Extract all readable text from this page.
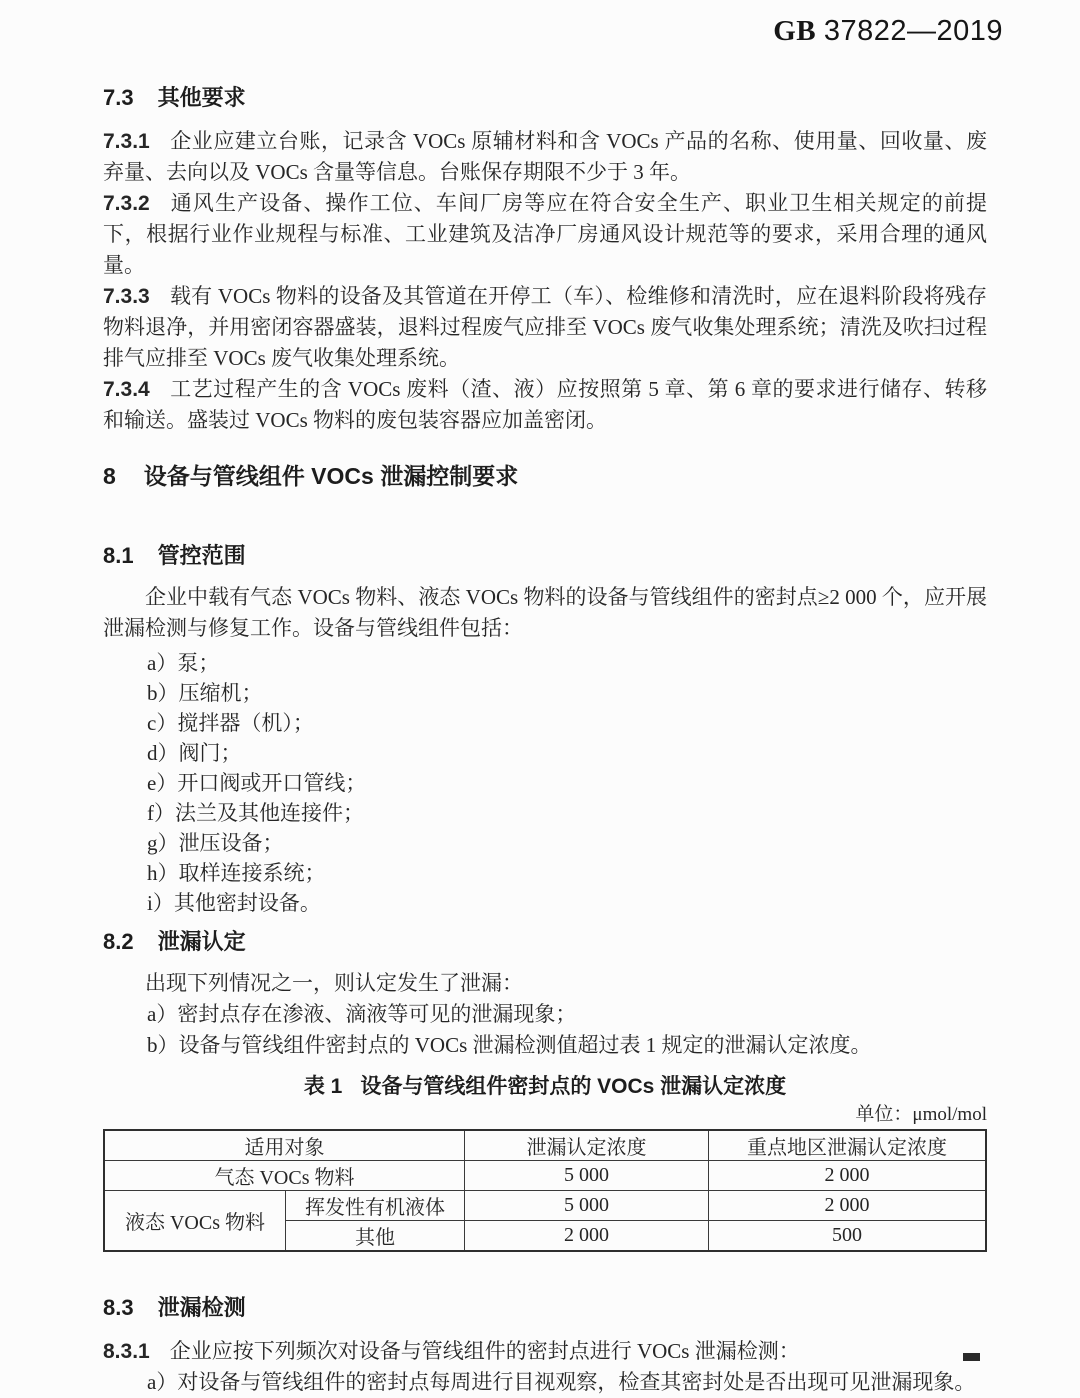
GB 37822—2019
7.3 其他要求

7.3.1 企业应建立台账，记录含 VOCs 原辅材料和含 VOCs 产品的名称、使用量、回收量、废弃量、去向以及 VOCs 含量等信息。台账保存期限不少于 3 年。

7.3.2 通风生产设备、操作工位、车间厂房等应在符合安全生产、职业卫生相关规定的前提下，根据行业作业规程与标准、工业建筑及洁净厂房通风设计规范等的要求，采用合理的通风量。

7.3.3 载有 VOCs 物料的设备及其管道在开停工（车）、检维修和清洗时，应在退料阶段将残存物料退净，并用密闭容器盛装，退料过程废气应排至 VOCs 废气收集处理系统；清洗及吹扫过程排气应排至 VOCs 废气收集处理系统。

7.3.4 工艺过程产生的含 VOCs 废料（渣、液）应按照第 5 章、第 6 章的要求进行储存、转移和输送。盛装过 VOCs 物料的废包装容器应加盖密闭。

8 设备与管线组件 VOCs 泄漏控制要求
8.1 管控范围

企业中载有气态 VOCs 物料、液态 VOCs 物料的设备与管线组件的密封点≥2 000 个，应开展泄漏检测与修复工作。设备与管线组件包括：

a）泵；
b）压缩机；
c）搅拌器（机）；
d）阀门；
e）开口阀或开口管线；
f）法兰及其他连接件；
g）泄压设备；
h）取样连接系统；
i）其他密封设备。
8.2 泄漏认定

出现下列情况之一，则认定发生了泄漏：

a）密封点存在渗液、滴液等可见的泄漏现象；
b）设备与管线组件密封点的 VOCs 泄漏检测值超过表 1 规定的泄漏认定浓度。
表 1 设备与管线组件密封点的 VOCs 泄漏认定浓度
单位：μmol/mol
适用对象		泄漏认定浓度	重点地区泄漏认定浓度
气态 VOCs 物料		5 000	2 000
液态 VOCs 物料	挥发性有机液体	5 000	2 000
	其他	2 000	500
8.3 泄漏检测

8.3.1 企业应按下列频次对设备与管线组件的密封点进行 VOCs 泄漏检测：

a）对设备与管线组件的密封点每周进行目视观察，检查其密封处是否出现可见泄漏现象。
